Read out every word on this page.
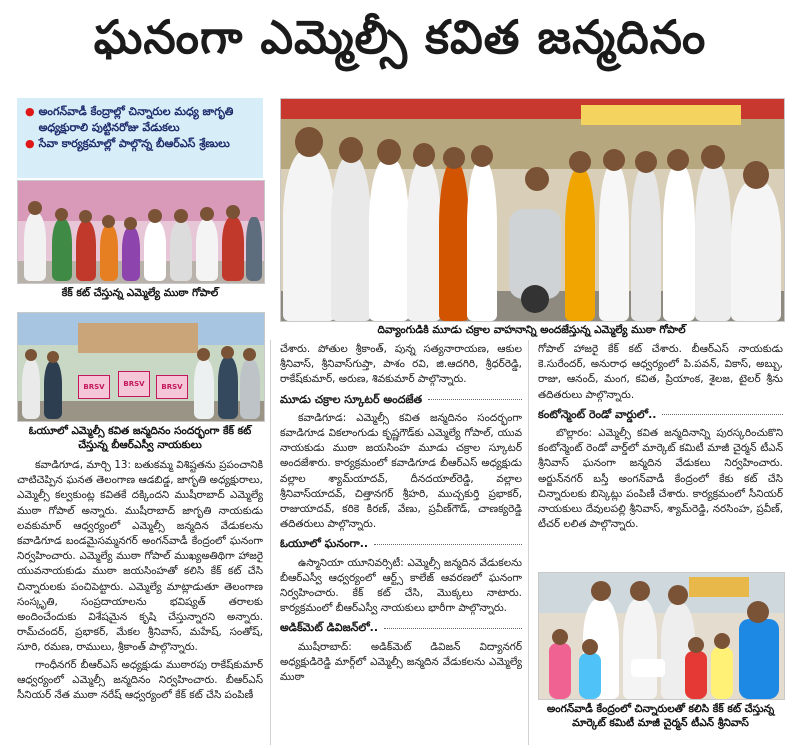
ఘనంగా ఎమ్మెల్సీ కవిత జన్మదినం
● అంగన్‌వాడీ కేంద్రాల్లో చిన్నారుల మధ్య జాగృతి అధ్యక్షురాలి పుట్టినరోజు వేడుకలు
● సేవా కార్యక్రమాల్లో పాల్గొన్న బీఆర్ఎస్ శ్రేణులు
కేక్ కట్ చేస్తున్న ఎమ్మెల్యే ముఠా గోపాల్
BRSV	BRSV	BRSV
ఓయూలో ఎమ్మెల్సీ కవిత జన్మదినం సందర్భంగా కేక్ కట్ చేస్తున్న బీఆర్ఎస్వీ నాయకులు
దివ్యాంగుడికి మూడు చక్రాల వాహనాన్ని అందజేస్తున్న ఎమ్మెల్యే ముఠా గోపాల్

కవాడిగూడ, మార్చి 13: బతుకమ్మ విశిష్టతను ప్రపంచానికి చాటిచెప్పిన ఘనత తెలంగాణ ఆడబిడ్డ, జాగృతి అధ్యక్షురాలు, ఎమ్మెల్సీ కల్వకుంట్ల కవితకే దక్కిందని ముషీరాబాద్ ఎమ్మెల్యే ముఠా గోపాల్ అన్నారు. ముషీరాబాద్ జాగృతి నాయకుడు లవకుమార్ ఆధ్వర్యంలో ఎమ్మెల్సీ జన్మదిన వేడుకలను కవాడిగూడ బండమైసమ్మనగర్ అంగన్‌వాడీ కేంద్రంలో ఘనంగా నిర్వహించారు. ఎమ్మెల్యే ముఠా గోపాల్ ముఖ్యఅతిథిగా హాజరై యువనాయకుడు ముఠా జయసింహతో కలిసి కేక్ కట్ చేసి చిన్నారులకు పంచిపెట్టారు. ఎమ్మెల్యే మాట్లాడుతూ తెలంగాణ సంస్కృతి, సంప్రదాయాలను భవిష్యత్ తరాలకు అందించేందుకు విశేషమైన కృషి చేస్తున్నారని అన్నారు. రామ్‌చందర్, ప్రభాకర్, మేకల శ్రీనివాస్, మహేష్, సంతోష్, సూరి, రమణ, రాములు, శ్రీకాంత్ పాల్గొన్నారు.

గాంధీనగర్ బీఆర్ఎస్ అధ్యక్షుడు ముఠారపు రాకేష్‌కుమార్ ఆధ్వర్యంలో ఎమ్మెల్సీ జన్మదినం నిర్వహించారు. బీఆర్ఎస్ సీనియర్ నేత ముఠా నరేష్ ఆధ్వర్యంలో కేక్ కట్ చేసి పంపిణీ

చేశారు. పోతుల శ్రీకాంత్, పున్న సత్యనారాయణ, ఆకుల శ్రీనివాస్, శ్రీనివాస్‌గుప్తా, పాశం రవి, జి.ఆదగిరి, శ్రీధర్‌రెడ్డి, రాకేష్‌కుమార్, అరుణ, శివకుమార్ పాల్గొన్నారు.

మూడు చక్రాల స్కూటర్ అందజేత

కవాడిగూడ: ఎమ్మెల్సీ కవిత జన్మదినం సందర్భంగా కవాడిగూడ వికలాంగుడు కృష్ణగౌడ్‌కు ఎమ్మెల్యే గోపాల్, యువ నాయకుడు ముఠా జయసింహ మూడు చక్రాల స్కూటర్ అందజేశారు. కార్యక్రమంలో కవాడిగూడ బీఆర్ఎస్ అధ్యక్షుడు వల్లాల శ్యామ్‌యాదవ్, దీనదయాల్‌రెడ్డి, వల్లాల శ్రీనివాస్‌యాదవ్, చిత్తానగర్ శ్రీహరి, ముచ్చకుర్తి ప్రభాకర్, రాజుయాదవ్, కరికె కిరణ్, వేణు, ప్రవీణ్‌గౌడ్, చాణక్యరెడ్డి తదితరులు పాల్గొన్నారు.

ఓయూలో ఘనంగా..

ఉస్మానియా యూనివర్సిటీ: ఎమ్మెల్సీ జన్మదిన వేడుకలను బీఆర్ఎస్వీ ఆధ్వర్యంలో ఆర్ట్స్ కాలేజ్ ఆవరణలో ఘనంగా నిర్వహించారు. కేక్ కట్ చేసి, మొక్కలు నాటారు. కార్యక్రమంలో బీఆర్ఎస్వీ నాయకులు భారీగా పాల్గొన్నారు.

అడిక్‌మెట్ డివిజన్‌లో..

ముషీరాబాద్: అడిక్‌మెట్ డివిజన్ విద్యానగర్ అధ్యక్షుడిరెడ్డి మార్గ్‌లో ఎమ్మెల్సీ జన్మదిన వేడుకలను ఎమ్మెల్యే ముఠా

గోపాల్ హాజరై కేక్ కట్ చేశారు. బీఆర్ఎస్ నాయకుడు కె.సురేందర్, అనురాధ ఆధ్వర్యంలో పి.పవన్, వికాస్, అబ్బు, రాజు, ఆనంద్, మంగ, కవిత, ప్రియాంక, శైలజ, టైలర్ శ్రీను తదితరులు పాల్గొన్నారు.

కంటోన్మెంట్ రెండో వార్డులో..

బొల్లారం: ఎమ్మెల్సీ కవిత జన్మదినాన్ని పురస్కరించుకొని కంటోన్మెంట్ రెండో వార్డ్‌లో మార్కెట్ కమిటీ మాజీ చైర్మన్ టీఎన్ శ్రీనివాస్ ఘనంగా జన్మదిన వేడుకలు నిర్వహించారు. అర్జున్‌నగర్ బస్తీ అంగన్‌వాడీ కేంద్రంలో కేకు కట్ చేసి చిన్నారులకు బిస్కెట్లు పంపిణీ చేశారు. కార్యక్రమంలో సీనియర్ నాయకులు దేవులపల్లి శ్రీనివాస్, శ్యామ్‌రెడ్డి, నరసింహ, ప్రవీణ్, టీచర్ లలిత పాల్గొన్నారు.

అంగన్‌వాడీ కేంద్రంలో చిన్నారులతో కలిసి కేక్ కట్ చేస్తున్న మార్కెట్ కమిటీ మాజీ చైర్మన్ టీఎన్ శ్రీనివాస్
